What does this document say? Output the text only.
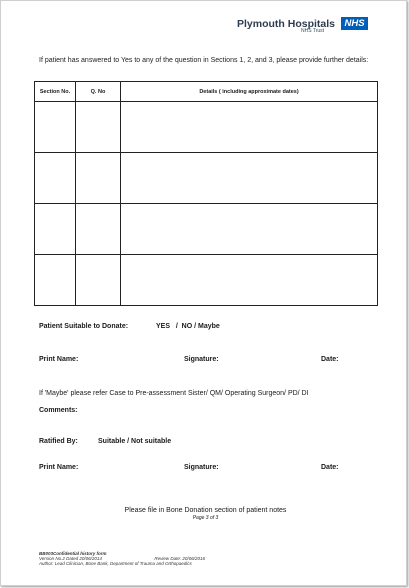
Plymouth Hospitals NHS
NHS Trust
If patient has answered to Yes to any of the question in Sections 1, 2, and 3, please provide further details:
Section No.	Q. No	Details ( including approximate dates)

Patient Suitable to Donate:	YES   /  NO / Maybe
Print Name:	Signature:	Date:
If 'Maybe' please refer Case to Pre-assessment Sister/ QM/ Operating Surgeon/ PD/ DI
Comments:
Ratified By:	Suitable / Not suitable
Print Name:	Signature:	Date:
Please file in Bone Donation section of patient notes
Page 3 of 3
BB003Confidential history form
Version No.2 Dated 20/06/2014	Review Date: 20/06/2016
Author: Lead Clinician, Bone Bank, Department of Trauma and Orthopaedics
